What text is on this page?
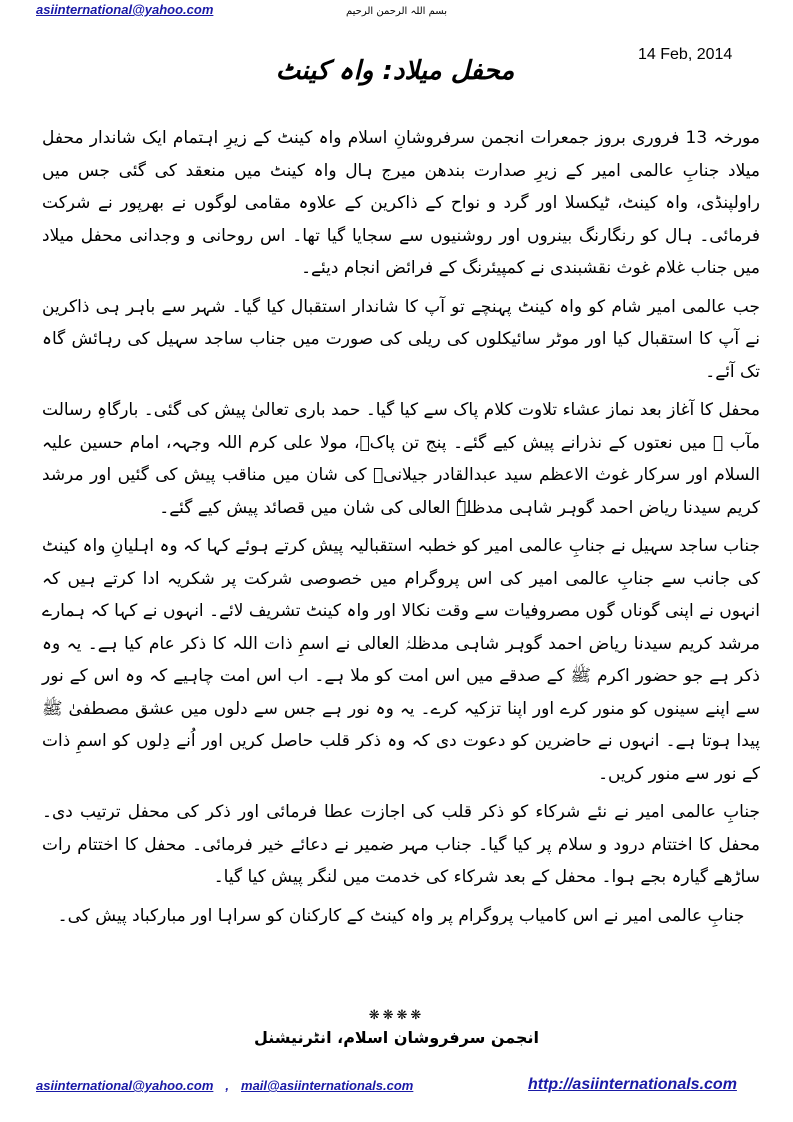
asiinternational@yahoo.com	بسم اللہ الرحمن الرحیم
14 Feb, 2014
محفل میلاد: واہ کینٹ

مورخہ 13 فروری بروز جمعرات انجمن سرفروشانِ اسلام واہ کینٹ کے زیرِ اہتمام ایک شاندار محفل میلاد جنابِ عالمی امیر کے زیرِ صدارت بندھن میرج ہال واہ کینٹ میں منعقد کی گئی جس میں راولپنڈی، واہ کینٹ، ٹیکسلا اور گرد و نواح کے ذاکرین کے علاوہ مقامی لوگوں نے بھرپور نے شرکت فرمائی۔ ہال کو رنگارنگ بینروں اور روشنیوں سے سجایا گیا تھا۔ اس روحانی و وجدانی محفل میلاد میں جناب غلام غوث نقشبندی نے کمپیئرنگ کے فرائض انجام دیئے۔

جب عالمی امیر شام کو واہ کینٹ پہنچے تو آپ کا شاندار استقبال کیا گیا۔ شہر سے باہر ہی ذاکرین نے آپ کا استقبال کیا اور موٹر سائیکلوں کی ریلی کی صورت میں جناب ساجد سہیل کی رہائش گاہ تک آئے۔

محفل کا آغاز بعد نماز عشاء تلاوت کلام پاک سے کیا گیا۔ حمد باری تعالیٰ پیش کی گئی۔ بارگاہِ رسالت مآب ﷺ میں نعتوں کے نذرانے پیش کیے گئے۔ پنج تن پاکؑ، مولا علی کرم اللہ وجہہ، امام حسین علیہ السلام اور سرکار غوث الاعظم سید عبدالقادر جیلانیؒ کی شان میں مناقب پیش کی گئیں اور مرشد کریم سیدنا ریاض احمد گوہر شاہی مدظلہٗ العالی کی شان میں قصائد پیش کیے گئے۔

جناب ساجد سہیل نے جنابِ عالمی امیر کو خطبہ استقبالیہ پیش کرتے ہوئے کہا کہ وہ اہلیانِ واہ کینٹ کی جانب سے جنابِ عالمی امیر کی اس پروگرام میں خصوصی شرکت پر شکریہ ادا کرتے ہیں کہ انہوں نے اپنی گوناں گوں مصروفیات سے وقت نکالا اور واہ کینٹ تشریف لائے۔ انہوں نے کہا کہ ہمارے مرشد کریم سیدنا ریاض احمد گوہر شاہی مدظلہٗ العالی نے اسمِ ذات اللہ کا ذکر عام کیا ہے۔ یہ وہ ذکر ہے جو حضور اکرم ﷺ کے صدقے میں اس امت کو ملا ہے۔ اب اس امت چاہیے کہ وہ اس کے نور سے اپنے سینوں کو منور کرے اور اپنا تزکیہ کرے۔ یہ وہ نور ہے جس سے دلوں میں عشق مصطفیٰ ﷺ پیدا ہوتا ہے۔ انہوں نے حاضرین کو دعوت دی کہ وہ ذکر قلب حاصل کریں اور اُنے دِلوں کو اسمِ ذات کے نور سے منور کریں۔

جنابِ عالمی امیر نے نئے شرکاء کو ذکر قلب کی اجازت عطا فرمائی اور ذکر کی محفل ترتیب دی۔ محفل کا اختتام درود و سلام پر کیا گیا۔ جناب مہر ضمیر نے دعائے خیر فرمائی۔ محفل کا اختتام رات ساڑھے گیارہ بجے ہوا۔ محفل کے بعد شرکاء کی خدمت میں لنگر پیش کیا گیا۔

جنابِ عالمی امیر نے اس کامیاب پروگرام پر واہ کینٹ کے کارکنان کو سراہا اور مبارکباد پیش کی۔

❋❋❋❋
انجمن سرفروشان اسلام، انٹرنیشنل
asiinternational@yahoo.com , mail@asiinternationals.com	http://asiinternationals.com
